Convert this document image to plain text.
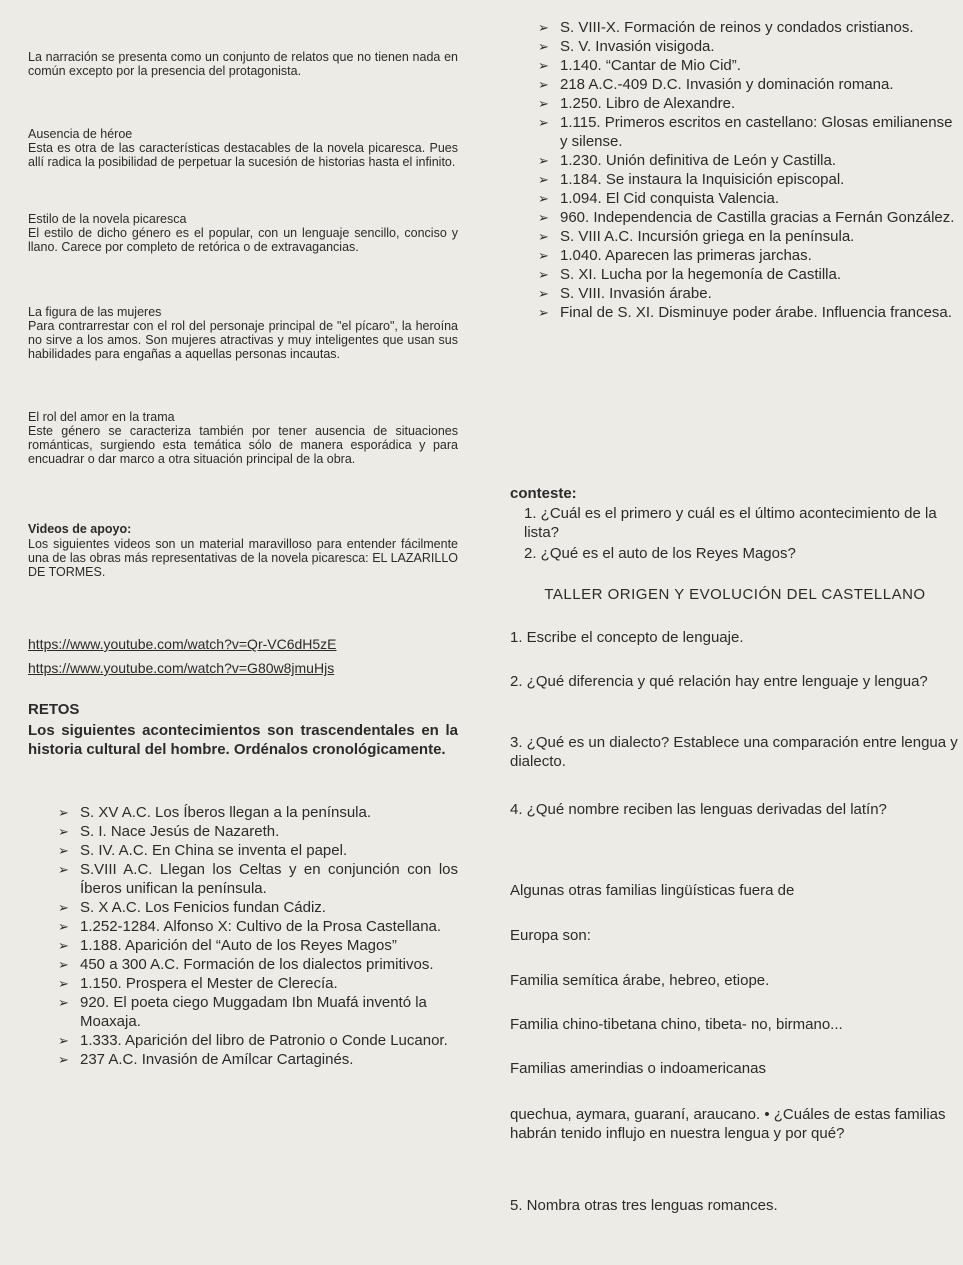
La narración se presenta como un conjunto de relatos que no tienen nada en común excepto por la presencia del protagonista.

Ausencia de héroe

Esta es otra de las características destacables de la novela picaresca. Pues allí radica la posibilidad de perpetuar la sucesión de historias hasta el infinito.

Estilo de la novela picaresca

El estilo de dicho género es el popular, con un lenguaje sencillo, conciso y llano. Carece por completo de retórica o de extravagancias.

La figura de las mujeres

Para contrarrestar con el rol del personaje principal de "el pícaro", la heroína no sirve a los amos. Son mujeres atractivas y muy inteligentes que usan sus habilidades para engañas a aquellas personas incautas.

El rol del amor en la trama

Este género se caracteriza también por tener ausencia de situaciones románticas, surgiendo esta temática sólo de manera esporádica y para encuadrar o dar marco a otra situación principal de la obra.

Videos de apoyo:

Los siguientes videos son un material maravilloso para entender fácilmente una de las obras más representativas de la novela picaresca: EL LAZARILLO DE TORMES.

https://www.youtube.com/watch?v=Qr-VC6dH5zE

https://www.youtube.com/watch?v=G80w8jmuHjs

RETOS

Los siguientes acontecimientos son trascendentales en la historia cultural del hombre. Ordénalos cronológicamente.

➢ S. XV A.C. Los Íberos llegan a la península.

➢ S. I. Nace Jesús de Nazareth.

➢ S. IV. A.C. En China se inventa el papel.

➢ S.VIII A.C. Llegan los Celtas y en conjunción con los Íberos unifican la península.

➢ S. X A.C. Los Fenicios fundan Cádiz.

➢ 1.252-1284. Alfonso X: Cultivo de la Prosa Castellana.

➢ 1.188. Aparición del “Auto de los Reyes Magos”

➢ 450 a 300 A.C. Formación de los dialectos primitivos.

➢ 1.150. Prospera el Mester de Clerecía.

➢ 920. El poeta ciego Muggadam Ibn Muafá inventó la Moaxaja.

➢ 1.333. Aparición del libro de Patronio o Conde Lucanor.

➢ 237 A.C. Invasión de Amílcar Cartaginés.

➢ S. VIII-X. Formación de reinos y condados cristianos.

➢ S. V. Invasión visigoda.

➢ 1.140. “Cantar de Mio Cid”.

➢ 218 A.C.-409 D.C. Invasión y dominación romana.

➢ 1.250. Libro de Alexandre.

➢ 1.115. Primeros escritos en castellano: Glosas emilianense y silense.

➢ 1.230. Unión definitiva de León y Castilla.

➢ 1.184. Se instaura la Inquisición episcopal.

➢ 1.094. El Cid conquista Valencia.

➢ 960. Independencia de Castilla gracias a Fernán González.

➢ S. VIII A.C. Incursión griega en la península.

➢ 1.040. Aparecen las primeras jarchas.

➢ S. XI. Lucha por la hegemonía de Castilla.

➢ S. VIII. Invasión árabe.

➢ Final de S. XI. Disminuye poder árabe. Influencia francesa.

conteste:

1. ¿Cuál es el primero y cuál es el último acontecimiento de la lista?

2. ¿Qué es el auto de los Reyes Magos?

TALLER ORIGEN Y EVOLUCIÓN DEL CASTELLANO

1. Escribe el concepto de lenguaje.

2. ¿Qué diferencia y qué relación hay entre lenguaje y lengua?

3. ¿Qué es un dialecto? Establece una comparación entre lengua y dialecto.

4. ¿Qué nombre reciben las lenguas derivadas del latín?

Algunas otras familias lingüísticas fuera de

Europa son:

Familia semítica árabe, hebreo, etiope.

Familia chino-tibetana chino, tibeta- no, birmano...

Familias amerindias o indoamericanas

quechua, aymara, guaraní, araucano. • ¿Cuáles de estas familias habrán tenido influjo en nuestra lengua y por qué?

5. Nombra otras tres lenguas romances.
